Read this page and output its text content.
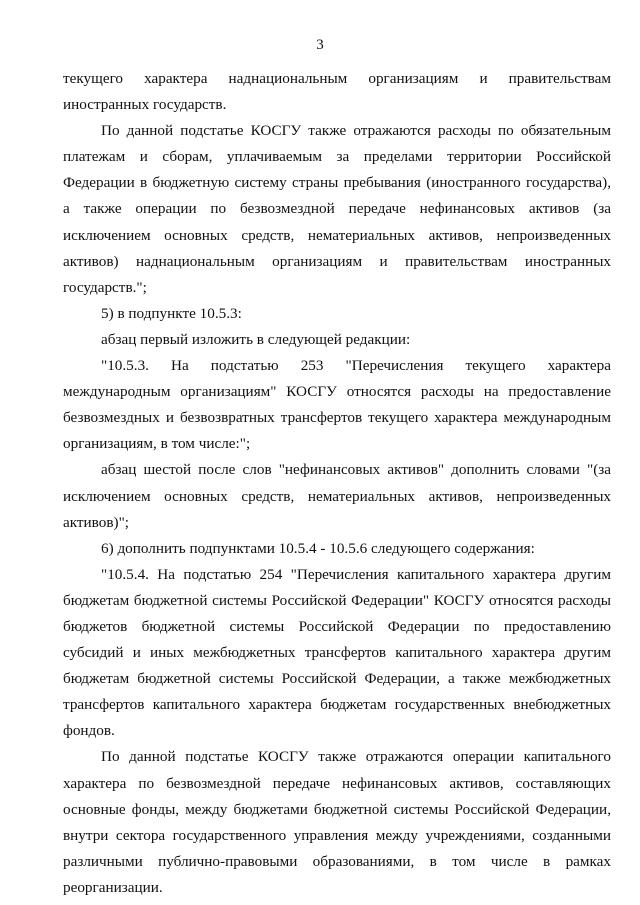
3

текущего характера наднациональным организациям и правительствам иностранных государств.

По данной подстатье КОСГУ также отражаются расходы по обязательным платежам и сборам, уплачиваемым за пределами территории Российской Федерации в бюджетную систему страны пребывания (иностранного государства), а также операции по безвозмездной передаче нефинансовых активов (за исключением основных средств, нематериальных активов, непроизведенных активов) наднациональным организациям и правительствам иностранных государств.";

5) в подпункте 10.5.3:

абзац первый изложить в следующей редакции:

"10.5.3. На подстатью 253 "Перечисления текущего характера международным организациям" КОСГУ относятся расходы на предоставление безвозмездных и безвозвратных трансфертов текущего характера международным организациям, в том числе:";

абзац шестой после слов "нефинансовых активов" дополнить словами "(за исключением основных средств, нематериальных активов, непроизведенных активов)";

6) дополнить подпунктами 10.5.4 - 10.5.6 следующего содержания:

"10.5.4. На подстатью 254 "Перечисления капитального характера другим бюджетам бюджетной системы Российской Федерации" КОСГУ относятся расходы бюджетов бюджетной системы Российской Федерации по предоставлению субсидий и иных межбюджетных трансфертов капитального характера другим бюджетам бюджетной системы Российской Федерации, а также межбюджетных трансфертов капитального характера бюджетам государственных внебюджетных фондов.

По данной подстатье КОСГУ также отражаются операции капитального характера по безвозмездной передаче нефинансовых активов, составляющих основные фонды, между бюджетами бюджетной системы Российской Федерации, внутри сектора государственного управления между учреждениями, созданными различными публично-правовыми образованиями, в том числе в рамках реорганизации.
